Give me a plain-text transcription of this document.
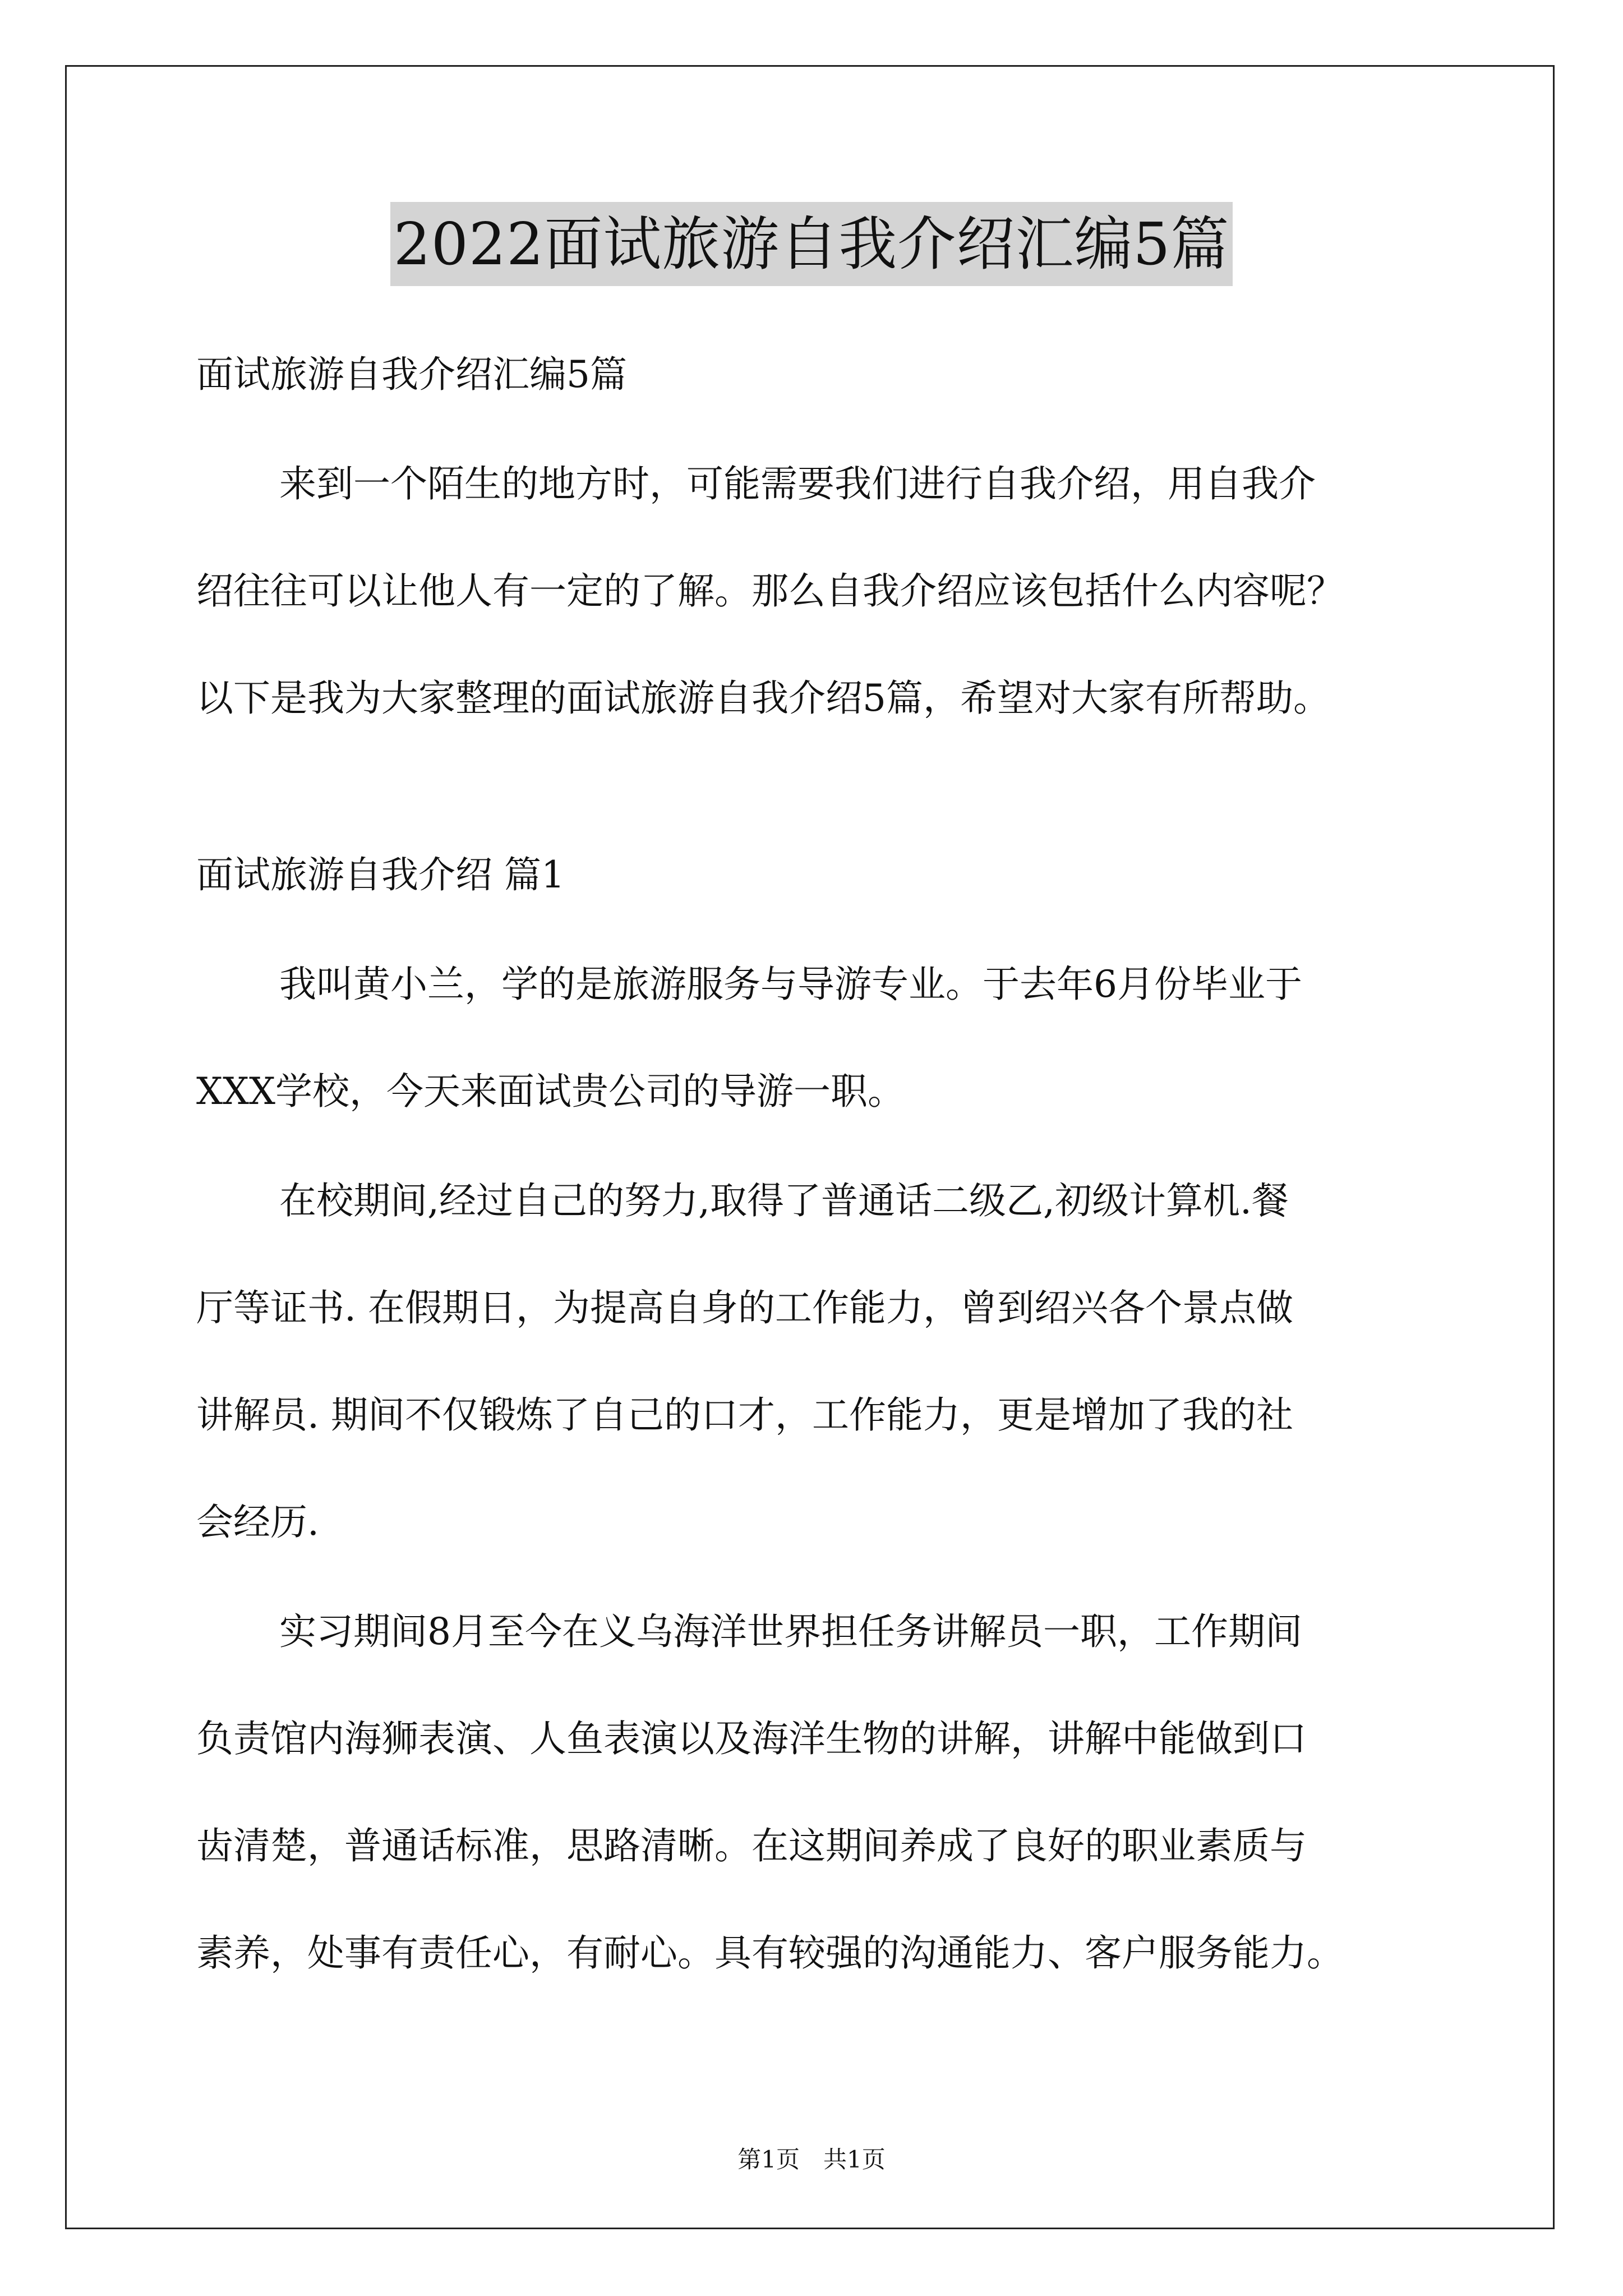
2022面试旅游自我介绍汇编5篇

面试旅游自我介绍汇编5篇

来到一个陌生的地方时，可能需要我们进行自我介绍，用自我介

绍往往可以让他人有一定的了解。那么自我介绍应该包括什么内容呢？

以下是我为大家整理的面试旅游自我介绍5篇，希望对大家有所帮助。

面试旅游自我介绍 篇1

我叫黄小兰，学的是旅游服务与导游专业。于去年6月份毕业于

XXX学校，今天来面试贵公司的导游一职。

在校期间,经过自己的努力,取得了普通话二级乙,初级计算机.餐

厅等证书. 在假期日，为提高自身的工作能力，曾到绍兴各个景点做

讲解员. 期间不仅锻炼了自己的口才，工作能力，更是增加了我的社

会经历.

实习期间8月至今在义乌海洋世界担任务讲解员一职，工作期间

负责馆内海狮表演、人鱼表演以及海洋生物的讲解，讲解中能做到口

齿清楚，普通话标准，思路清晰。在这期间养成了良好的职业素质与

素养，处事有责任心，有耐心。具有较强的沟通能力、客户服务能力。

第1页　共1页
